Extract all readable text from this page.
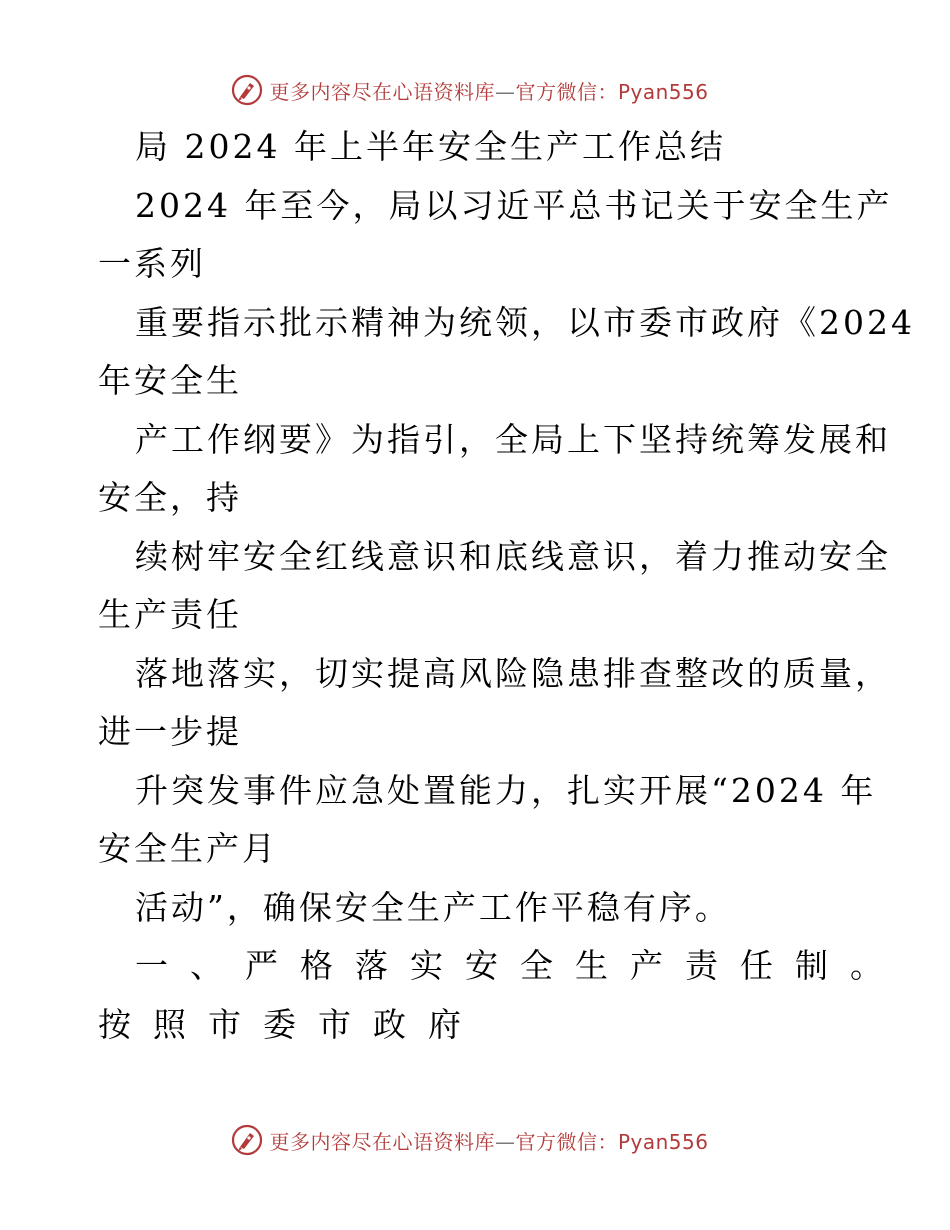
更多内容尽在心语资料库—官方微信：Pyan556
局 2024 年上半年安全生产工作总结
2024 年至今，局以习近平总书记关于安全生产
一系列
重要指示批示精神为统领，以市委市政府《2024
年安全生
产工作纲要》为指引，全局上下坚持统筹发展和
安全，持
续树牢安全红线意识和底线意识，着力推动安全
生产责任
落地落实，切实提高风险隐患排查整改的质量，
进一步提
升突发事件应急处置能力，扎实开展“2024 年
安全生产月
活动”，确保安全生产工作平稳有序。
一、严格落实安全生产责任制。
按照市委市政府
更多内容尽在心语资料库—官方微信：Pyan556
